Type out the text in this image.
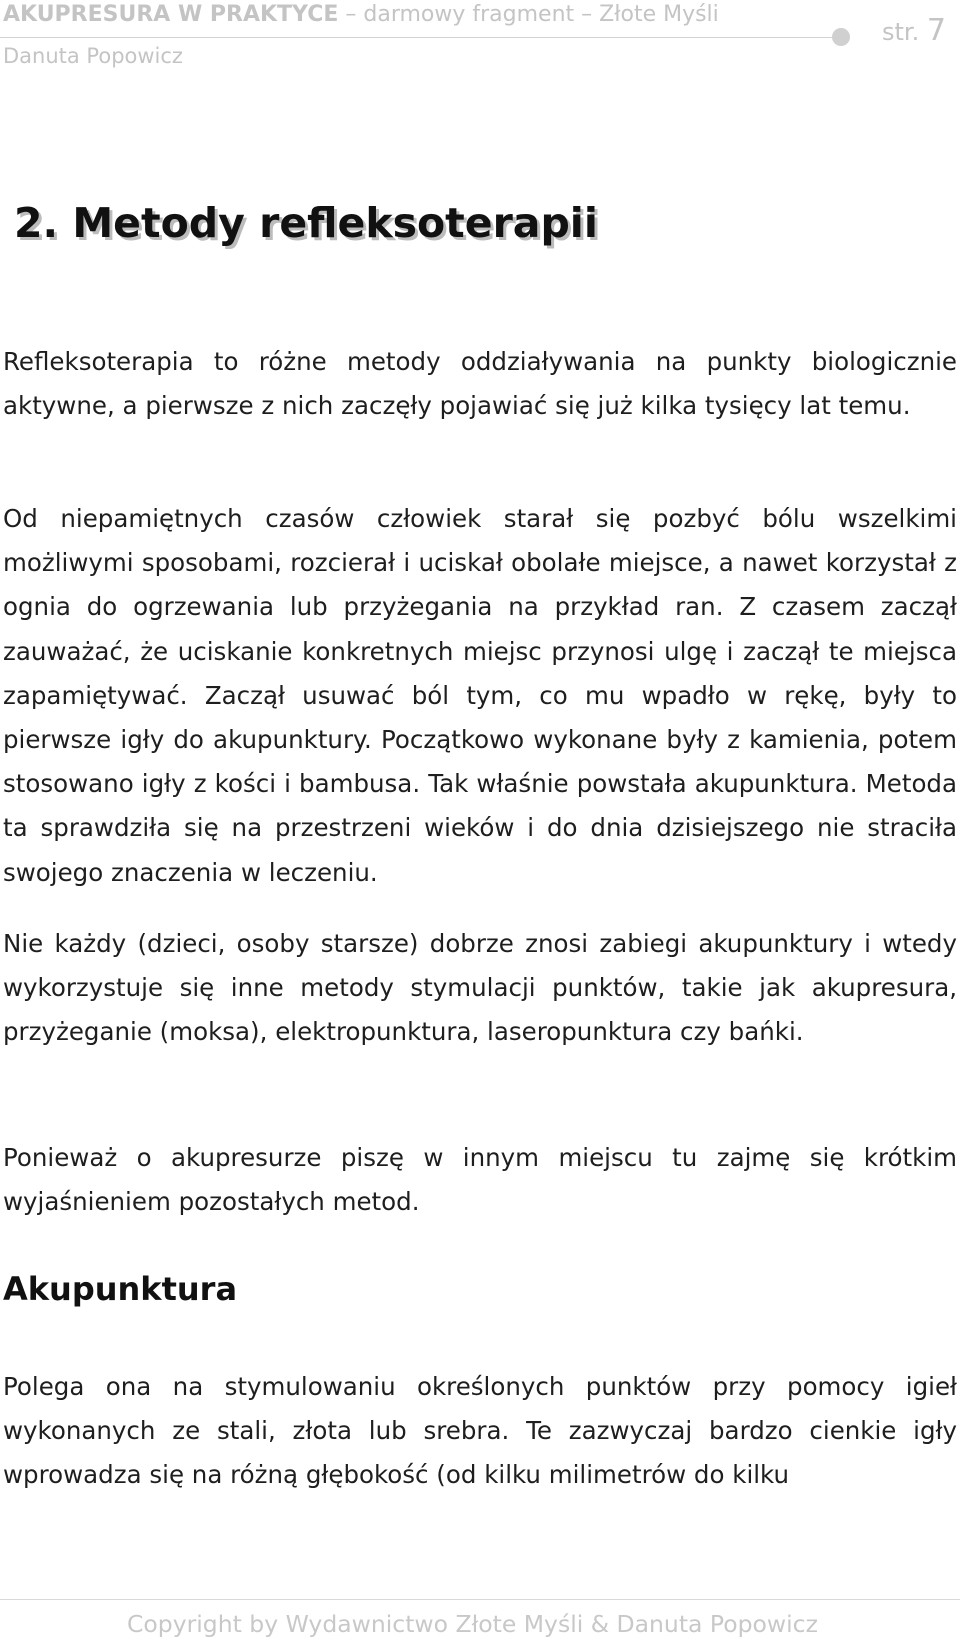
AKUPRESURA W PRAKTYCE – darmowy fragment – Złote Myśli
str. 7
Danuta Popowicz
2. Metody refleksoterapii

Refleksoterapia to różne metody oddziaływania na punkty biologicznie aktywne, a pierwsze z nich zaczęły pojawiać się już kilka tysięcy lat temu.

Od niepamiętnych czasów człowiek starał się pozbyć bólu wszelkimi możliwymi sposobami, rozcierał i uciskał obolałe miejsce, a nawet korzystał z ognia do ogrzewania lub przyżegania na przykład ran. Z czasem zaczął zauważać, że uciskanie konkretnych miejsc przynosi ulgę i zaczął te miejsca zapamiętywać. Zaczął usuwać ból tym, co mu wpadło w rękę, były to pierwsze igły do akupunktury. Początkowo wykonane były z kamienia, potem stosowano igły z kości i bambusa. Tak właśnie powstała akupunktura. Metoda ta sprawdziła się na przestrzeni wieków i do dnia dzisiejszego nie straciła swojego znaczenia w leczeniu.

Nie każdy (dzieci, osoby starsze) dobrze znosi zabiegi akupunktury i wtedy wykorzystuje się inne metody stymulacji punktów, takie jak akupresura, przyżeganie (moksa), elektropunktura, laseropunktura czy bańki.

Ponieważ o akupresurze piszę w innym miejscu tu zajmę się krótkim wyjaśnieniem pozostałych metod.

Akupunktura

Polega ona na stymulowaniu określonych punktów przy pomocy igieł wykonanych ze stali, złota lub srebra. Te zazwyczaj bardzo cienkie igły wprowadza się na różną głębokość (od kilku milimetrów do kilku

Copyright by Wydawnictwo Złote Myśli & Danuta Popowicz
